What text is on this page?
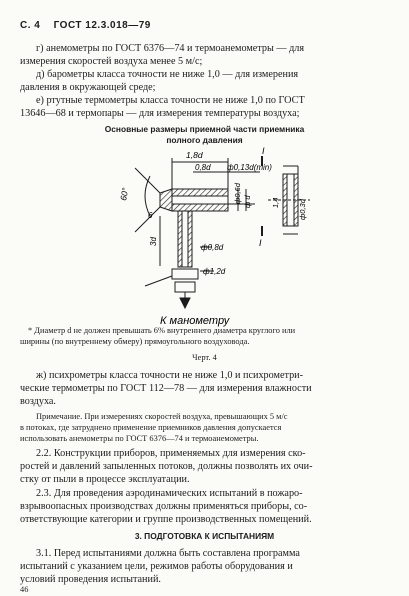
С. 4 ГОСТ 12.3.018—79
г) анемометры по ГОСТ 6376—74 и термоанемометры — для
измерения скоростей воздуха менее 5 м/с;
д) барометры класса точности не ниже 1,0 — для измерения
давления в окружающей среде;
е) ртутные термометры класса точности не ниже 1,0 по ГОСТ
13646—68 и термопары — для измерения температуры воздуха;
Основные размеры приемной части приемника
полного давления
1,8d
0,8d ф0,13d(min)
I
I
60°
6
ф0,6d ф d
3d
ф0,8d
ф1,2d
1,4 ф0,3d
К манометру
* Диаметр d не должен превышать 6% внутреннего диаметра круглого или
ширины (по внутреннему обмеру) прямоугольного воздуховода.
Черт. 4
ж) психрометры класса точности не ниже 1,0 и психрометри-
ческие термометры по ГОСТ 112—78 — для измерения влажности
воздуха.
Примечание. При измерениях скоростей воздуха, превышающих 5 м/с
в потоках, где затруднено применение приемников давления допускается
использовать анемометры по ГОСТ 6376—74 и термоанемометры.
2.2. Конструкции приборов, применяемых для измерения ско-
ростей и давлений запыленных потоков, должны позволять их очи-
стку от пыли в процессе эксплуатации.
2.3. Для проведения аэродинамических испытаний в пожаро-
взрывоопасных производствах должны применяться приборы, со-
ответствующие категории и группе производственных помещений.
3. ПОДГОТОВКА К ИСПЫТАНИЯМ
3.1. Перед испытаниями должна быть составлена программа
испытаний с указанием цели, режимов работы оборудования и
условий проведения испытаний.
46
